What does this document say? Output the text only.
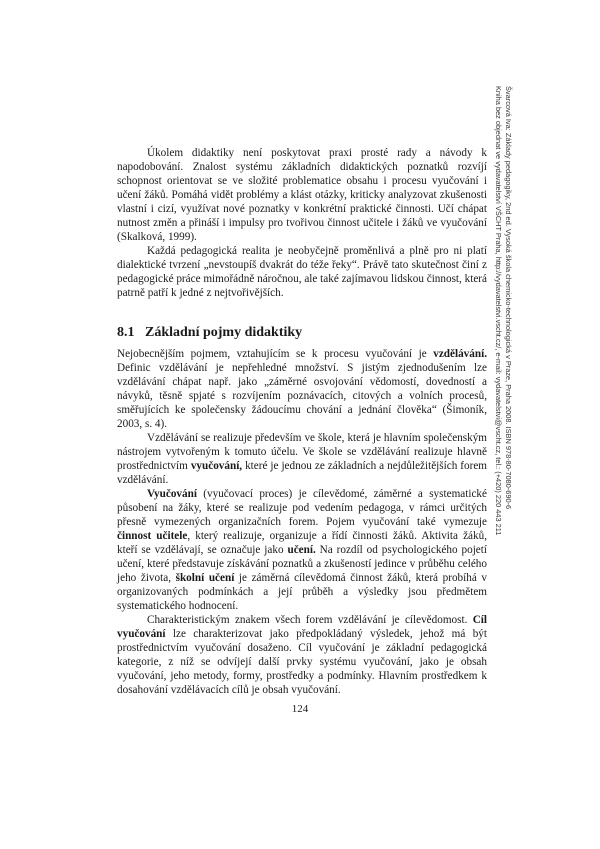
Švarcová Iva: Základy pedagogiky, 2nd ed. Vysoká škola chemicko-technologická v Praze, Praha 2008. ISBN 978-80-7080-690-6
Kniha bez objednat ve vydavatelství VŠCHT Praha, http://vydavatelstvi.vscht.cz/, e-mail: vydavatelstvi@vscht.cz, tel.: (+420) 220 443 211

Úkolem didaktiky není poskytovat praxi prosté rady a návody k napodobování. Znalost systému základních didaktických poznatků rozvíjí schopnost orientovat se ve složité problematice obsahu i procesu vyučování i učení žáků. Pomáhá vidět problémy a klást otázky, kriticky analyzovat zkušenosti vlastní i cizí, využívat nové poznatky v konkrétní praktické činnosti. Učí chápat nutnost změn a přináší i impulsy pro tvořivou činnost učitele i žáků ve vyučování (Skalková, 1999).

Každá pedagogická realita je neobyčejně proměnlivá a plně pro ni platí dialektické tvrzení „nevstoupíš dvakrát do téže řeky“. Právě tato skutečnost činí z pedagogické práce mimořádně náročnou, ale také zajímavou lidskou činnost, která patrně patří k jedné z nejtvořivějších.

8.1 Základní pojmy didaktiky

Nejobecnějším pojmem, vztahujícím se k procesu vyučování je vzdělávání. Definic vzdělávání je nepřehledné množství. S jistým zjednodušením lze vzdělávání chápat např. jako „záměrné osvojování vědomostí, dovedností a návyků, těsně spjaté s rozvíjením poznávacích, citových a volních procesů, směřujících ke společensky žádoucímu chování a jednání člověka“ (Šimoník, 2003, s. 4).

Vzdělávání se realizuje především ve škole, která je hlavním společenským nástrojem vytvořeným k tomuto účelu. Ve škole se vzdělávání realizuje hlavně prostřednictvím vyučování, které je jednou ze základních a nejdůležitějších forem vzdělávání.

Vyučování (vyučovací proces) je cílevědomé, záměrné a systematické působení na žáky, které se realizuje pod vedením pedagoga, v rámci určitých přesně vymezených organizačních forem. Pojem vyučování také vymezuje činnost učitele, který realizuje, organizuje a řídí činnosti žáků. Aktivita žáků, kteří se vzdělávají, se označuje jako učení. Na rozdíl od psychologického pojetí učení, které představuje získávání poznatků a zkušeností jedince v průběhu celého jeho života, školní učení je záměrná cílevědomá činnost žáků, která probíhá v organizovaných podmínkách a její průběh a výsledky jsou předmětem systematického hodnocení.

Charakteristickým znakem všech forem vzdělávání je cílevědomost. Cíl vyučování lze charakterizovat jako předpokládaný výsledek, jehož má být prostřednictvím vyučování dosaženo. Cíl vyučování je základní pedagogická kategorie, z níž se odvíjejí další prvky systému vyučování, jako je obsah vyučování, jeho metody, formy, prostředky a podmínky. Hlavním prostředkem k dosahování vzdělávacích cílů je obsah vyučování.

124
